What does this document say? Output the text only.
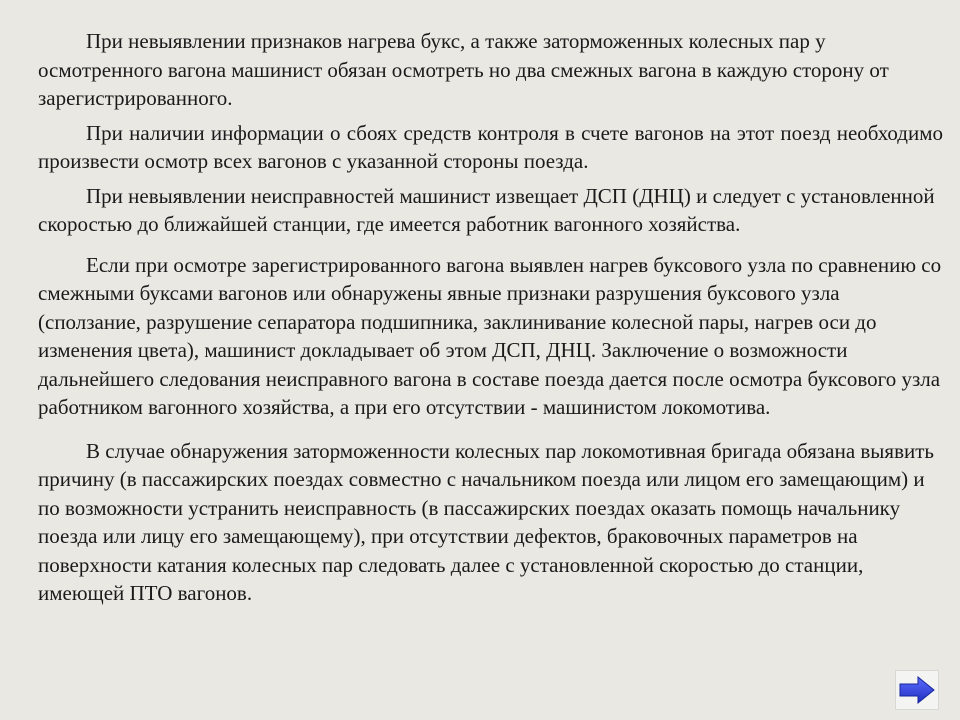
При невыявлении признаков нагрева букс, а также заторможенных колесных пар у осмотренного вагона машинист обязан осмотреть но два смежных вагона в каждую сторону от зарегистрированного.

При наличии информации о сбоях средств контроля в счете вагонов на этот поезд необходимо произвести осмотр всех вагонов с указанной стороны поезда.

При невыявлении неисправностей машинист извещает ДСП (ДНЦ) и следует с установленной скоростью до ближайшей станции, где имеется работник вагонного хозяйства.

Если при осмотре зарегистрированного вагона выявлен нагрев буксового узла по сравнению со смежными буксами вагонов или обнаружены явные признаки разрушения буксового узла (сползание, разрушение сепаратора подшипника, заклинивание колесной пары, нагрев оси до изменения цвета), машинист докладывает об этом ДСП, ДНЦ. Заключение о возможности дальнейшего следования неисправного вагона в составе поезда дается после осмотра буксового узла работником вагонного хозяйства, а при его отсутствии - машинистом локомотива.

В случае обнаружения заторможенности колесных пар локомотивная бригада обязана выявить причину (в пассажирских поездах совместно с начальником поезда или лицом его замещающим) и по возможности устранить неисправность (в пассажирских поездах оказать помощь начальнику поезда или лицу его замещающему), при отсутствии дефектов, браковочных параметров на поверхности катания колесных пар следовать далее с установленной скоростью до станции, имеющей ПТО вагонов.
